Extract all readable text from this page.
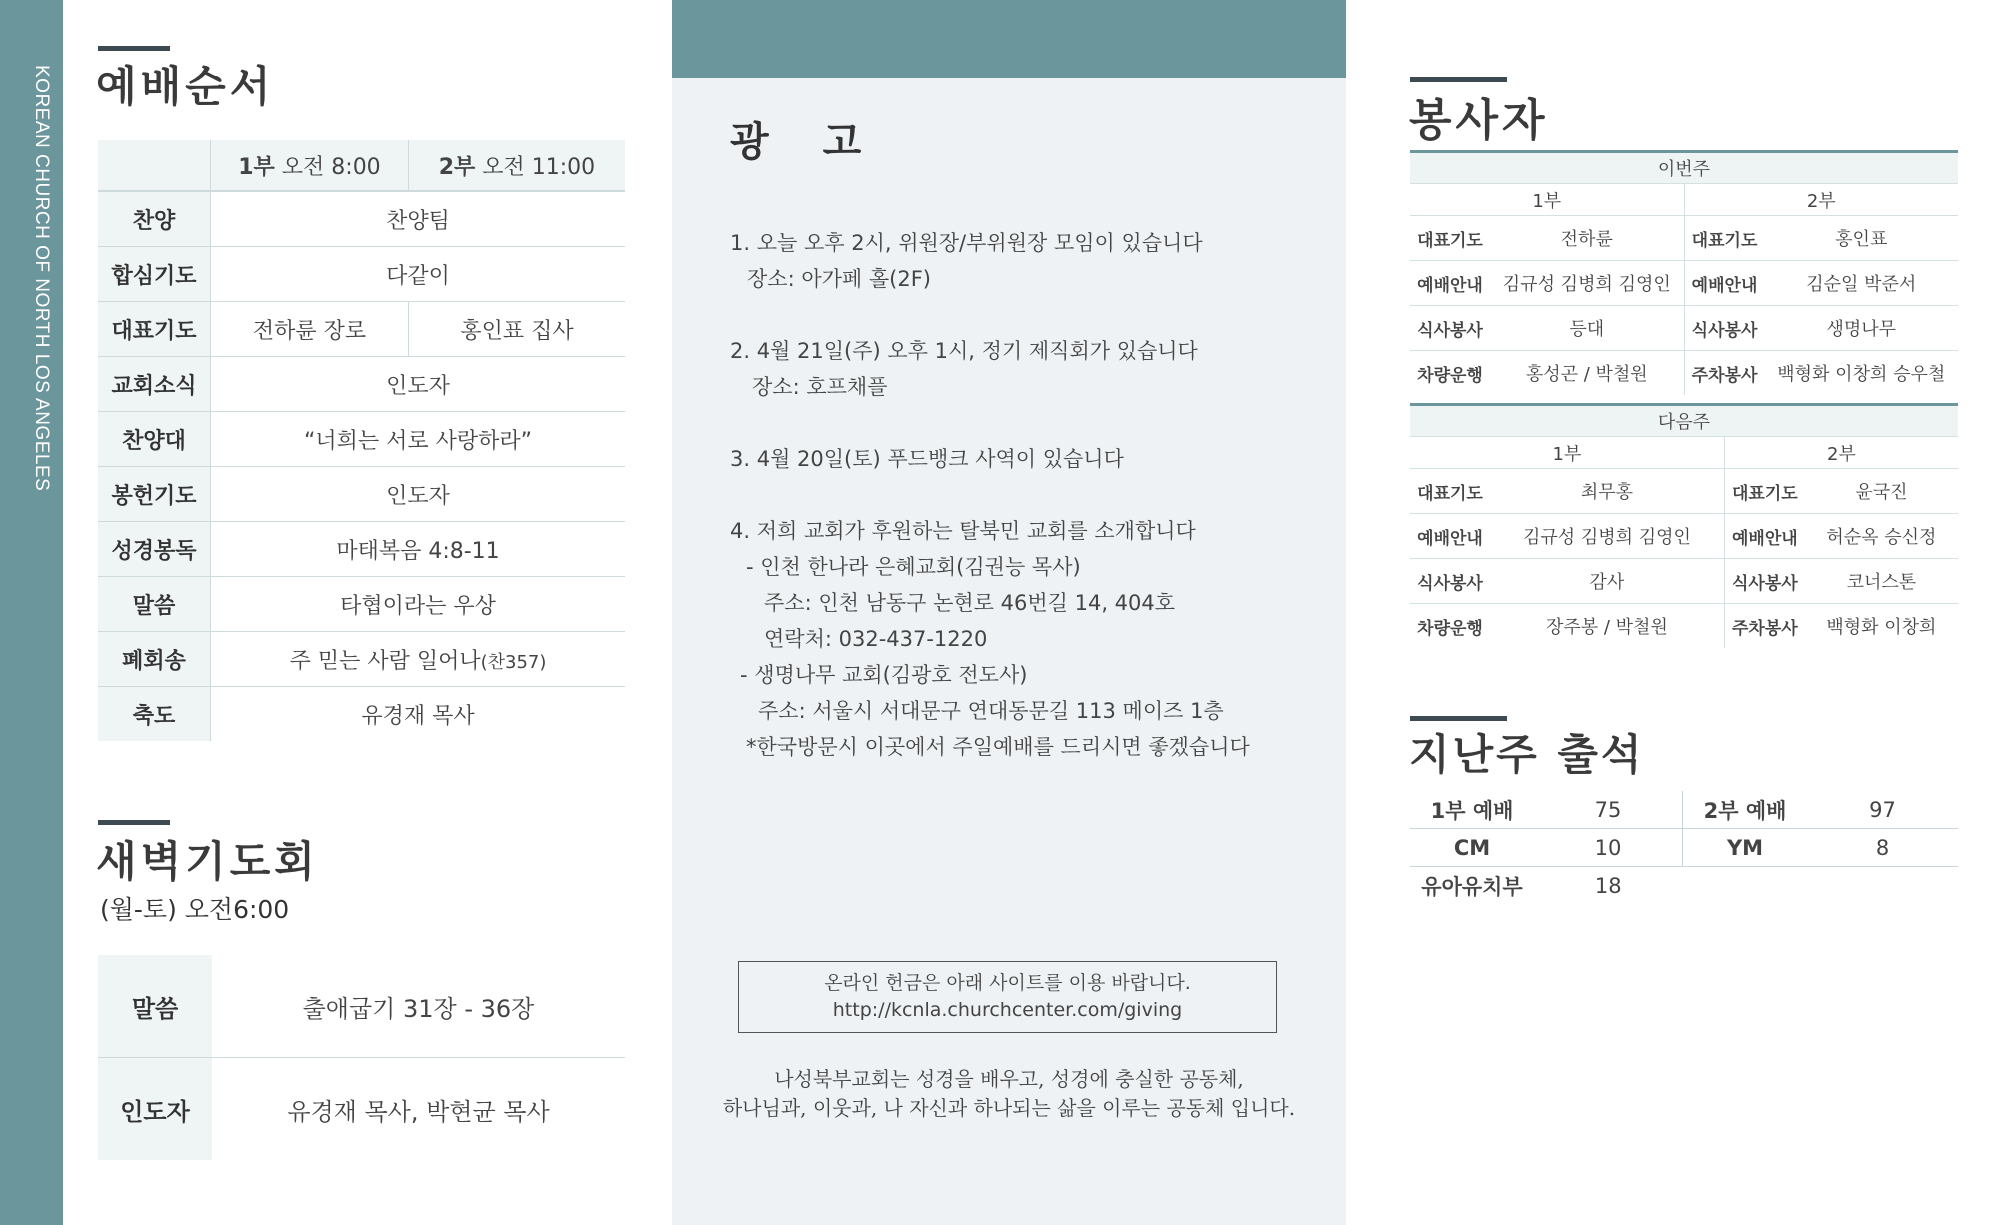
KOREAN CHURCH OF NORTH LOS ANGELES 예배순서
	1부 오전 8:00	2부 오전 11:00
찬양	찬양팀	
합심기도	다같이	
대표기도	전하륜 장로	홍인표 집사
교회소식	인도자	
찬양대	“너희는 서로 사랑하라”	
봉헌기도	인도자	
성경봉독	마태복음 4:8-11	
말씀	타협이라는 우상	
폐회송	주 믿는 사람 일어나(찬357)	
축도	유경재 목사	
새벽기도회
(월-토) 오전6:00
말씀	출애굽기 31장 - 36장
인도자	유경재 목사, 박현균 목사
광 고
1. 오늘 오후 2시, 위원장/부위원장 모임이 있습니다
장소: 아가페 홀(2F)
2. 4월 21일(주) 오후 1시, 정기 제직회가 있습니다
장소: 호프채플
3. 4월 20일(토) 푸드뱅크 사역이 있습니다
4. 저희 교회가 후원하는 탈북민 교회를 소개합니다
- 인천 한나라 은혜교회(김권능 목사)
주소: 인천 남동구 논현로 46번길 14, 404호
연락처: 032-437-1220
- 생명나무 교회(김광호 전도사)
주소: 서울시 서대문구 연대동문길 113 메이즈 1층
*한국방문시 이곳에서 주일예배를 드리시면 좋겠습니다
온라인 헌금은 아래 사이트를 이용 바랍니다.
http://kcnla.churchcenter.com/giving
나성북부교회는 성경을 배우고, 성경에 충실한 공동체,
하나님과, 이웃과, 나 자신과 하나되는 삶을 이루는 공동체 입니다.
봉사자
이번주			
1부		2부	
대표기도	전하륜	대표기도	홍인표
예배안내	김규성 김병희 김영인	예배안내	김순일 박준서
식사봉사	등대	식사봉사	생명나무
차량운행	홍성곤 / 박철원	주차봉사	백형화 이창희 승우철
다음주			
1부		2부	
대표기도	최무홍	대표기도	윤국진
예배안내	김규성 김병희 김영인	예배안내	허순옥 승신정
식사봉사	감사	식사봉사	코너스톤
차량운행	장주봉 / 박철원	주차봉사	백형화 이창희
지난주 출석
1부 예배	75	2부 예배	97
CM	10	YM	8
유아유치부	18		
